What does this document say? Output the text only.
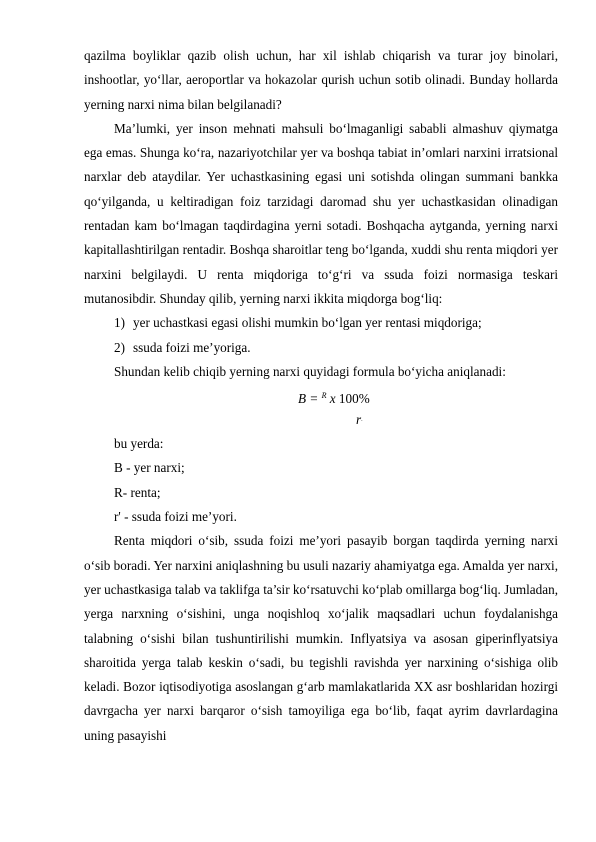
qazilma boyliklar qazib olish uchun, har xil ishlab chiqarish va turar joy binolari, inshootlar, yo‘llar, aeroportlar va hokazolar qurish uchun sotib olinadi. Bunday hollarda yerning narxi nima bilan belgilanadi?

Ma’lumki, yer inson mehnati mahsuli bo‘lmaganligi sababli almashuv qiymatga ega emas. Shunga ko‘ra, nazariyotchilar yer va boshqa tabiat in’omlari narxini irratsional narxlar deb ataydilar. Yer uchastkasining egasi uni sotishda olingan summani bankka qo‘yilganda, u keltiradigan foiz tarzidagi daromad shu yer uchastkasidan olinadigan rentadan kam bo‘lmagan taqdirdagina yerni sotadi. Boshqacha aytganda, yerning narxi kapitallashtirilgan rentadir. Boshqa sharoitlar teng bo‘lganda, xuddi shu renta miqdori yer narxini belgilaydi. U renta miqdoriga to‘g‘ri va ssuda foizi normasiga teskari mutanosibdir. Shunday qilib, yerning narxi ikkita miqdorga bog‘liq:

1) yer uchastkasi egasi olishi mumkin bo‘lgan yer rentasi miqdoriga;
2) ssuda foizi me’yoriga.

Shundan kelib chiqib yerning narxi quyidagi formula bo‘yicha aniqlanadi:

B = $^R$ x 100%
r.

bu yerda:

B - yer narxi;

R- renta;

r' - ssuda foizi me’yori.

Renta miqdori o‘sib, ssuda foizi me’yori pasayib borgan taqdirda yerning narxi o‘sib boradi. Yer narxini aniqlashning bu usuli nazariy ahamiyatga ega. Amalda yer narxi, yer uchastkasiga talab va taklifga ta’sir ko‘rsatuvchi ko‘plab omillarga bog‘liq. Jumladan, yerga narxning o‘sishini, unga noqishloq xo‘jalik maqsadlari uchun foydalanishga talabning o‘sishi bilan tushuntirilishi mumkin. Inflyatsiya va asosan giperinflyatsiya sharoitida yerga talab keskin o‘sadi, bu tegishli ravishda yer narxining o‘sishiga olib keladi. Bozor iqtisodiyotiga asoslangan g‘arb mamlakatlarida XX asr boshlaridan hozirgi davrgacha yer narxi barqaror o‘sish tamoyiliga ega bo‘lib, faqat ayrim davrlardagina uning pasayishi
